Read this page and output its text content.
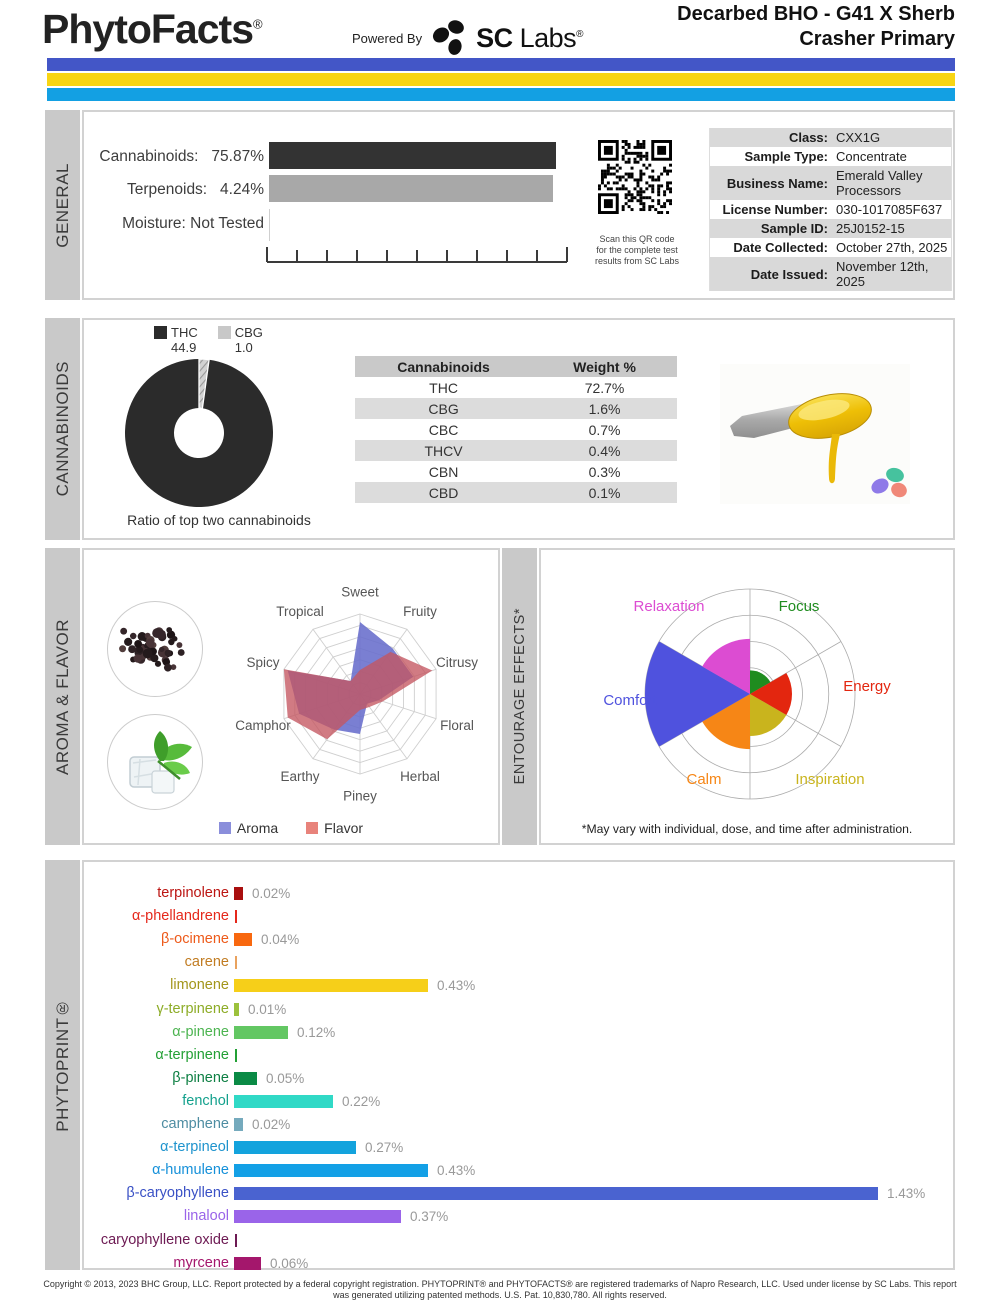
PhytoFacts®
Powered By SC Labs®
Decarbed BHO - G41 X Sherb
Crasher Primary
GENERAL
Cannabinoids: 75.87%
Terpenoids: 4.24%
Moisture: Not Tested
Scan this QR code
for the complete test
results from SC Labs
Class: CXX1G
Sample Type: Concentrate
Business Name: Emerald Valley Processors
License Number: 030-1017085F637
Sample ID: 25J0152-15
Date Collected: October 27th, 2025
Date Issued: November 12th, 2025
CANNABINOIDS
THC
44.9
CBG
1.0
Ratio of top two cannabinoids
Cannabinoids	Weight %
THC	72.7%
CBG	1.6%
CBC	0.7%
THCV	0.4%
CBN	0.3%
CBD	0.1%
AROMA & FLAVOR
Sweet
Fruity
Citrusy
Floral
Herbal
Piney
Earthy
Camphor
Spicy
Tropical
Aroma	Flavor
ENTOURAGE EFFECTS*
Focus
Energy
Inspiration
Calm
Comfort
Relaxation
*May vary with individual, dose, and time after administration.
PHYTOPRINT®
terpinolene 0.02%
α-phellandrene
β-ocimene 0.04%
carene
limonene	0.43%
γ-terpinene 0.01%
α-pinene	0.12%
α-terpinene
β-pinene	0.05%
fenchol	0.22%
camphene 0.02%
α-terpineol	0.27%
α-humulene	0.43%
β-caryophyllene	1.43%
linalool	0.37%
caryophyllene oxide
myrcene	0.06%
Copyright © 2013, 2023 BHC Group, LLC. Report protected by a federal copyright registration. PHYTOPRINT® and PHYTOFACTS® are registered trademarks of Napro Research, LLC. Used under license by SC Labs. This report
was generated utilizing patented methods. U.S. Pat. 10,830,780. All rights reserved.
